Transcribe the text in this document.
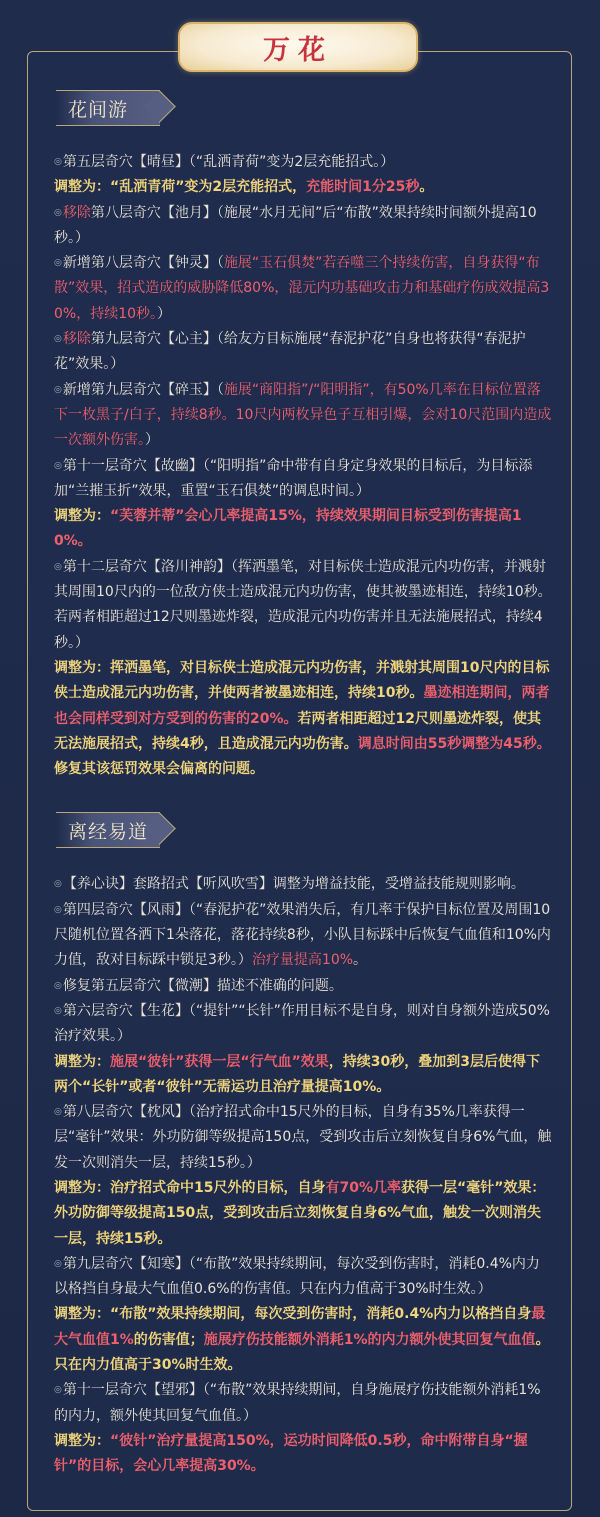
万花
花间游
◎第五层奇穴【晴昼】（“乱洒青荷”变为2层充能招式。）
调整为：“乱洒青荷”变为2层充能招式，充能时间1分25秒。
◎移除第八层奇穴【池月】（施展“水月无间”后“布散”效果持续时间额外提高10秒。）
◎新增第八层奇穴【钟灵】（施展“玉石俱焚”若吞噬三个持续伤害，自身获得“布散”效果，招式造成的威胁降低80%，混元内功基础攻击力和基础疗伤成效提高30%，持续10秒。）
◎移除第九层奇穴【心主】（给友方目标施展“春泥护花”自身也将获得“春泥护花”效果。）
◎新增第九层奇穴【碎玉】（施展“商阳指”/“阳明指”，有50%几率在目标位置落下一枚黑子/白子，持续8秒。10尺内两枚异色子互相引爆，会对10尺范围内造成一次额外伤害。）
◎第十一层奇穴【故幽】（“阳明指”命中带有自身定身效果的目标后，为目标添加“兰摧玉折”效果，重置“玉石俱焚”的调息时间。）
调整为：“芙蓉并蒂”会心几率提高15%，持续效果期间目标受到伤害提高10%。
◎第十二层奇穴【洛川神韵】（挥洒墨笔，对目标侠士造成混元内功伤害，并溅射其周围10尺内的一位敌方侠士造成混元内功伤害，使其被墨迹相连，持续10秒。若两者相距超过12尺则墨迹炸裂，造成混元内功伤害并且无法施展招式，持续4秒。）
调整为：挥洒墨笔，对目标侠士造成混元内功伤害，并溅射其周围10尺内的目标侠士造成混元内功伤害，并使两者被墨迹相连，持续10秒。墨迹相连期间，两者也会同样受到对方受到的伤害的20%。若两者相距超过12尺则墨迹炸裂，使其无法施展招式，持续4秒，且造成混元内功伤害。调息时间由55秒调整为45秒。修复其该惩罚效果会偏离的问题。
离经易道
◎【养心诀】套路招式【听风吹雪】调整为增益技能，受增益技能规则影响。
◎第四层奇穴【风雨】（“春泥护花”效果消失后，有几率于保护目标位置及周围10尺随机位置各洒下1朵落花，落花持续8秒，小队目标踩中后恢复气血值和10%内力值，敌对目标踩中锁足3秒。）治疗量提高10%。
◎修复第五层奇穴【微潮】描述不准确的问题。
◎第六层奇穴【生花】（“提针”“长针”作用目标不是自身，则对自身额外造成50%治疗效果。）
调整为：施展“彼针”获得一层“行气血”效果，持续30秒，叠加到3层后使得下两个“长针”或者“彼针”无需运功且治疗量提高10%。
◎第八层奇穴【枕风】（治疗招式命中15尺外的目标，自身有35%几率获得一层“毫针”效果：外功防御等级提高150点，受到攻击后立刻恢复自身6%气血，触发一次则消失一层，持续15秒。）
调整为：治疗招式命中15尺外的目标，自身有70%几率获得一层“毫针”效果：外功防御等级提高150点，受到攻击后立刻恢复自身6%气血，触发一次则消失一层，持续15秒。
◎第九层奇穴【知寒】（“布散”效果持续期间，每次受到伤害时，消耗0.4%内力以格挡自身最大气血值0.6%的伤害值。只在内力值高于30%时生效。）
调整为：“布散”效果持续期间，每次受到伤害时，消耗0.4%内力以格挡自身最大气血值1%的伤害值；施展疗伤技能额外消耗1%的内力额外使其回复气血值。只在内力值高于30%时生效。
◎第十一层奇穴【望邪】（“布散”效果持续期间，自身施展疗伤技能额外消耗1%的内力，额外使其回复气血值。）
调整为：“彼针”治疗量提高150%，运功时间降低0.5秒，命中附带自身“握针”的目标，会心几率提高30%。
